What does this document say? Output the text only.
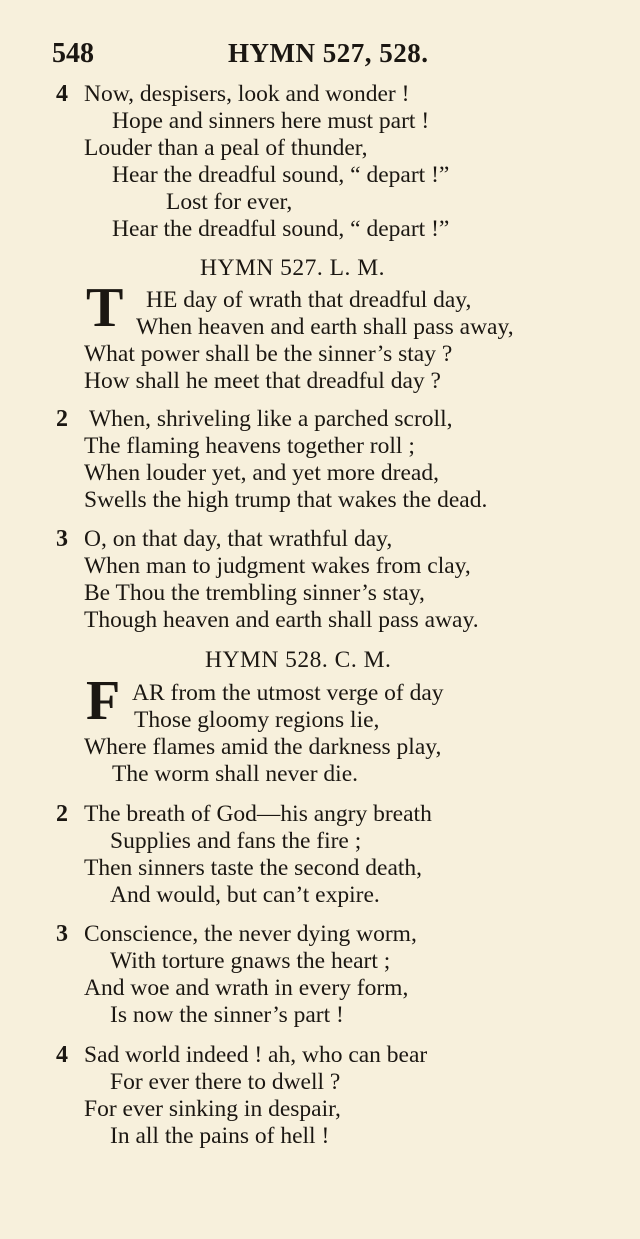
548	HYMN 527, 528.
4 Now, despisers, look and wonder !
Hope and sinners here must part !
Louder than a peal of thunder,
Hear the dreadful sound, “ depart !”
Lost for ever,
Hear the dreadful sound, “ depart !”
HYMN 527. L. M.
T HE day of wrath that dreadful day,
When heaven and earth shall pass away,
What power shall be the sinner’s stay ?
How shall he meet that dreadful day ?
2 When, shriveling like a parched scroll,
The flaming heavens together roll ;
When louder yet, and yet more dread,
Swells the high trump that wakes the dead.
3 O, on that day, that wrathful day,
When man to judgment wakes from clay,
Be Thou the trembling sinner’s stay,
Though heaven and earth shall pass away.
HYMN 528. C. M.
F AR from the utmost verge of day
Those gloomy regions lie,
Where flames amid the darkness play,
The worm shall never die.
2 The breath of God—his angry breath
Supplies and fans the fire ;
Then sinners taste the second death,
And would, but can’t expire.
3 Conscience, the never dying worm,
With torture gnaws the heart ;
And woe and wrath in every form,
Is now the sinner’s part !
4 Sad world indeed ! ah, who can bear
For ever there to dwell ?
For ever sinking in despair,
In all the pains of hell !
